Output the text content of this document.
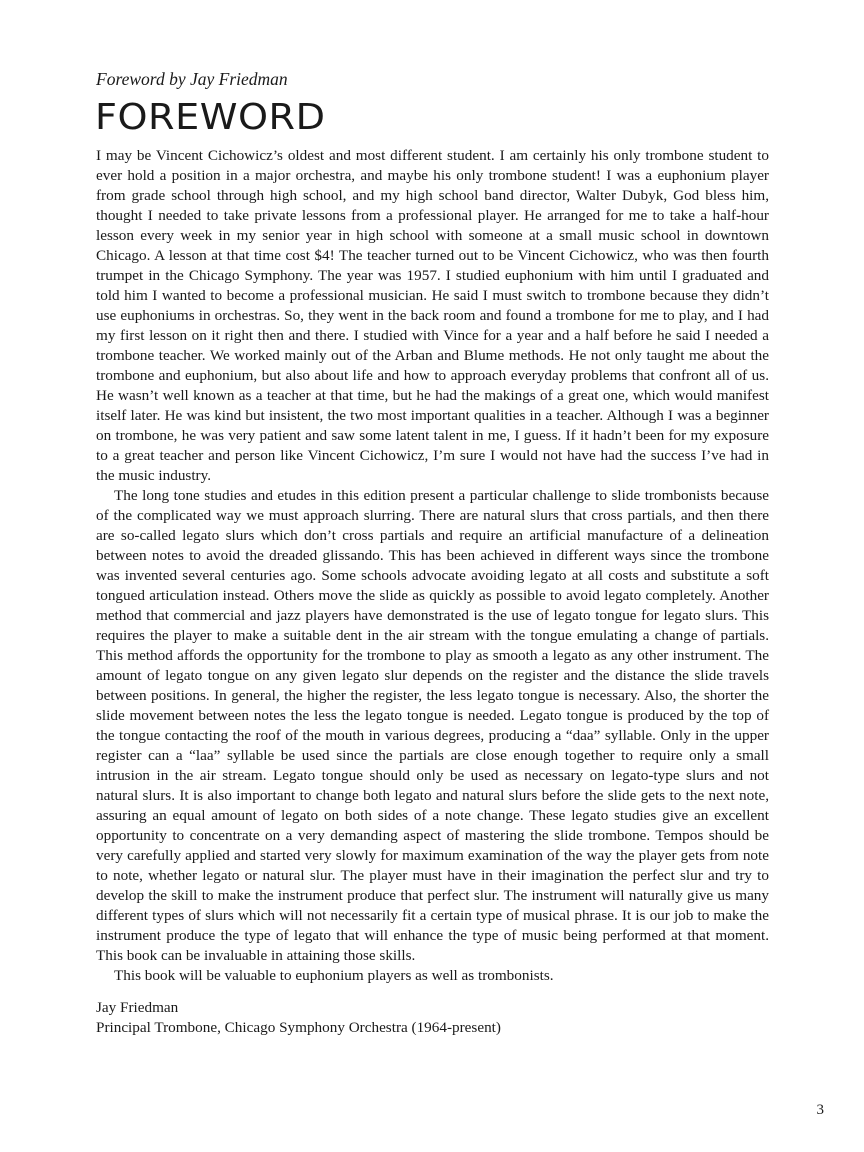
Foreword by Jay Friedman

FOREWORD

I may be Vincent Cichowicz’s oldest and most different student. I am certainly his only trombone student to ever hold a position in a major orchestra, and maybe his only trombone student! I was a euphonium player from grade school through high school, and my high school band director, Walter Dubyk, God bless him, thought I needed to take private lessons from a professional player. He arranged for me to take a half-hour lesson every week in my senior year in high school with someone at a small music school in downtown Chicago. A lesson at that time cost $4! The teacher turned out to be Vincent Cichowicz, who was then fourth trumpet in the Chicago Symphony. The year was 1957. I studied euphonium with him until I graduated and told him I wanted to become a professional musician. He said I must switch to trombone because they didn’t use euphoniums in orchestras. So, they went in the back room and found a trombone for me to play, and I had my first lesson on it right then and there. I studied with Vince for a year and a half before he said I needed a trombone teacher. We worked mainly out of the Arban and Blume methods. He not only taught me about the trombone and euphonium, but also about life and how to approach everyday problems that confront all of us. He wasn’t well known as a teacher at that time, but he had the makings of a great one, which would manifest itself later. He was kind but insistent, the two most important qualities in a teacher. Although I was a beginner on trombone, he was very patient and saw some latent talent in me, I guess. If it hadn’t been for my exposure to a great teacher and person like Vincent Cichowicz, I’m sure I would not have had the success I’ve had in the music industry.

The long tone studies and etudes in this edition present a particular challenge to slide trombonists because of the complicated way we must approach slurring. There are natural slurs that cross partials, and then there are so-called legato slurs which don’t cross partials and require an artificial manufacture of a delineation between notes to avoid the dreaded glissando. This has been achieved in different ways since the trombone was invented several centuries ago. Some schools advocate avoiding legato at all costs and substitute a soft tongued articulation instead. Others move the slide as quickly as possible to avoid legato completely. Another method that commercial and jazz players have demonstrated is the use of legato tongue for legato slurs. This requires the player to make a suitable dent in the air stream with the tongue emulating a change of partials. This method affords the opportunity for the trombone to play as smooth a legato as any other instrument. The amount of legato tongue on any given legato slur depends on the register and the distance the slide travels between positions. In general, the higher the register, the less legato tongue is necessary. Also, the shorter the slide movement between notes the less the legato tongue is needed. Legato tongue is produced by the top of the tongue contacting the roof of the mouth in various degrees, producing a “daa” syllable. Only in the upper register can a “laa” syllable be used since the partials are close enough together to require only a small intrusion in the air stream. Legato tongue should only be used as necessary on legato-type slurs and not natural slurs. It is also important to change both legato and natural slurs before the slide gets to the next note, assuring an equal amount of legato on both sides of a note change. These legato studies give an excellent opportunity to concentrate on a very demanding aspect of mastering the slide trombone. Tempos should be very carefully applied and started very slowly for maximum examination of the way the player gets from note to note, whether legato or natural slur. The player must have in their imagination the perfect slur and try to develop the skill to make the instrument produce that perfect slur. The instrument will naturally give us many different types of slurs which will not necessarily fit a certain type of musical phrase. It is our job to make the instrument produce the type of legato that will enhance the type of music being performed at that moment. This book can be invaluable in attaining those skills.

This book will be valuable to euphonium players as well as trombonists.

Jay Friedman
Principal Trombone, Chicago Symphony Orchestra (1964-present)
3
